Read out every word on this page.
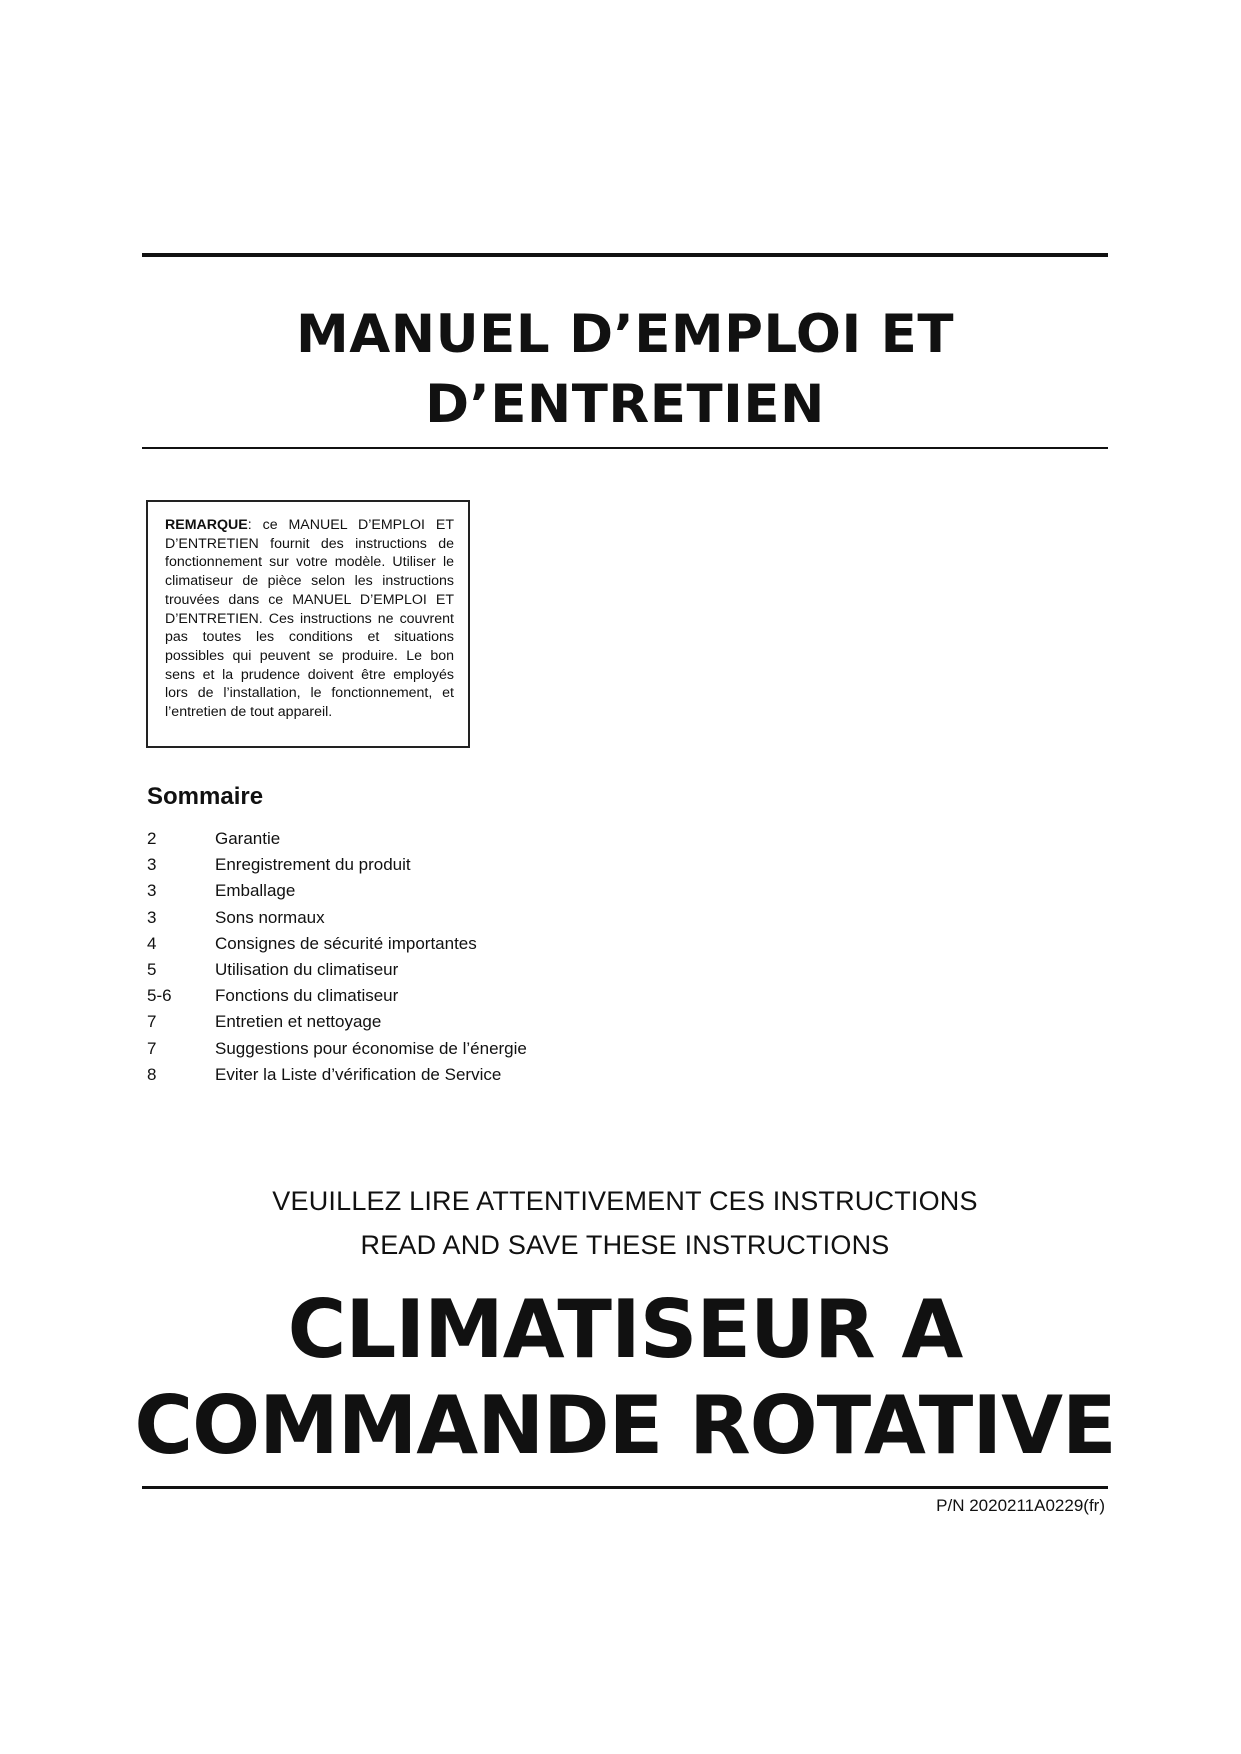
MANUEL D’EMPLOI ET
D’ENTRETIEN
REMARQUE: ce MANUEL D’EMPLOI ET D’ENTRETIEN fournit des instructions de fonctionnement sur votre modèle. Utiliser le climatiseur de pièce selon les instructions trouvées dans ce MANUEL D’EMPLOI ET D’ENTRETIEN. Ces instructions ne couvrent pas toutes les conditions et situations possibles qui peuvent se produire. Le bon sens et la prudence doivent être employés lors de l’installation, le fonctionnement, et l’entretien de tout appareil.
Sommaire
2	Garantie
3	Enregistrement du produit
3	Emballage
3	Sons normaux
4	Consignes de sécurité importantes
5	Utilisation du climatiseur
5-6	Fonctions du climatiseur
7	Entretien et nettoyage
7	Suggestions pour économise de l’énergie
8	Eviter la Liste d’vérification de Service
VEUILLEZ LIRE ATTENTIVEMENT CES INSTRUCTIONS
READ AND SAVE THESE INSTRUCTIONS
CLIMATISEUR A
COMMANDE ROTATIVE
P/N 2020211A0229(fr)
